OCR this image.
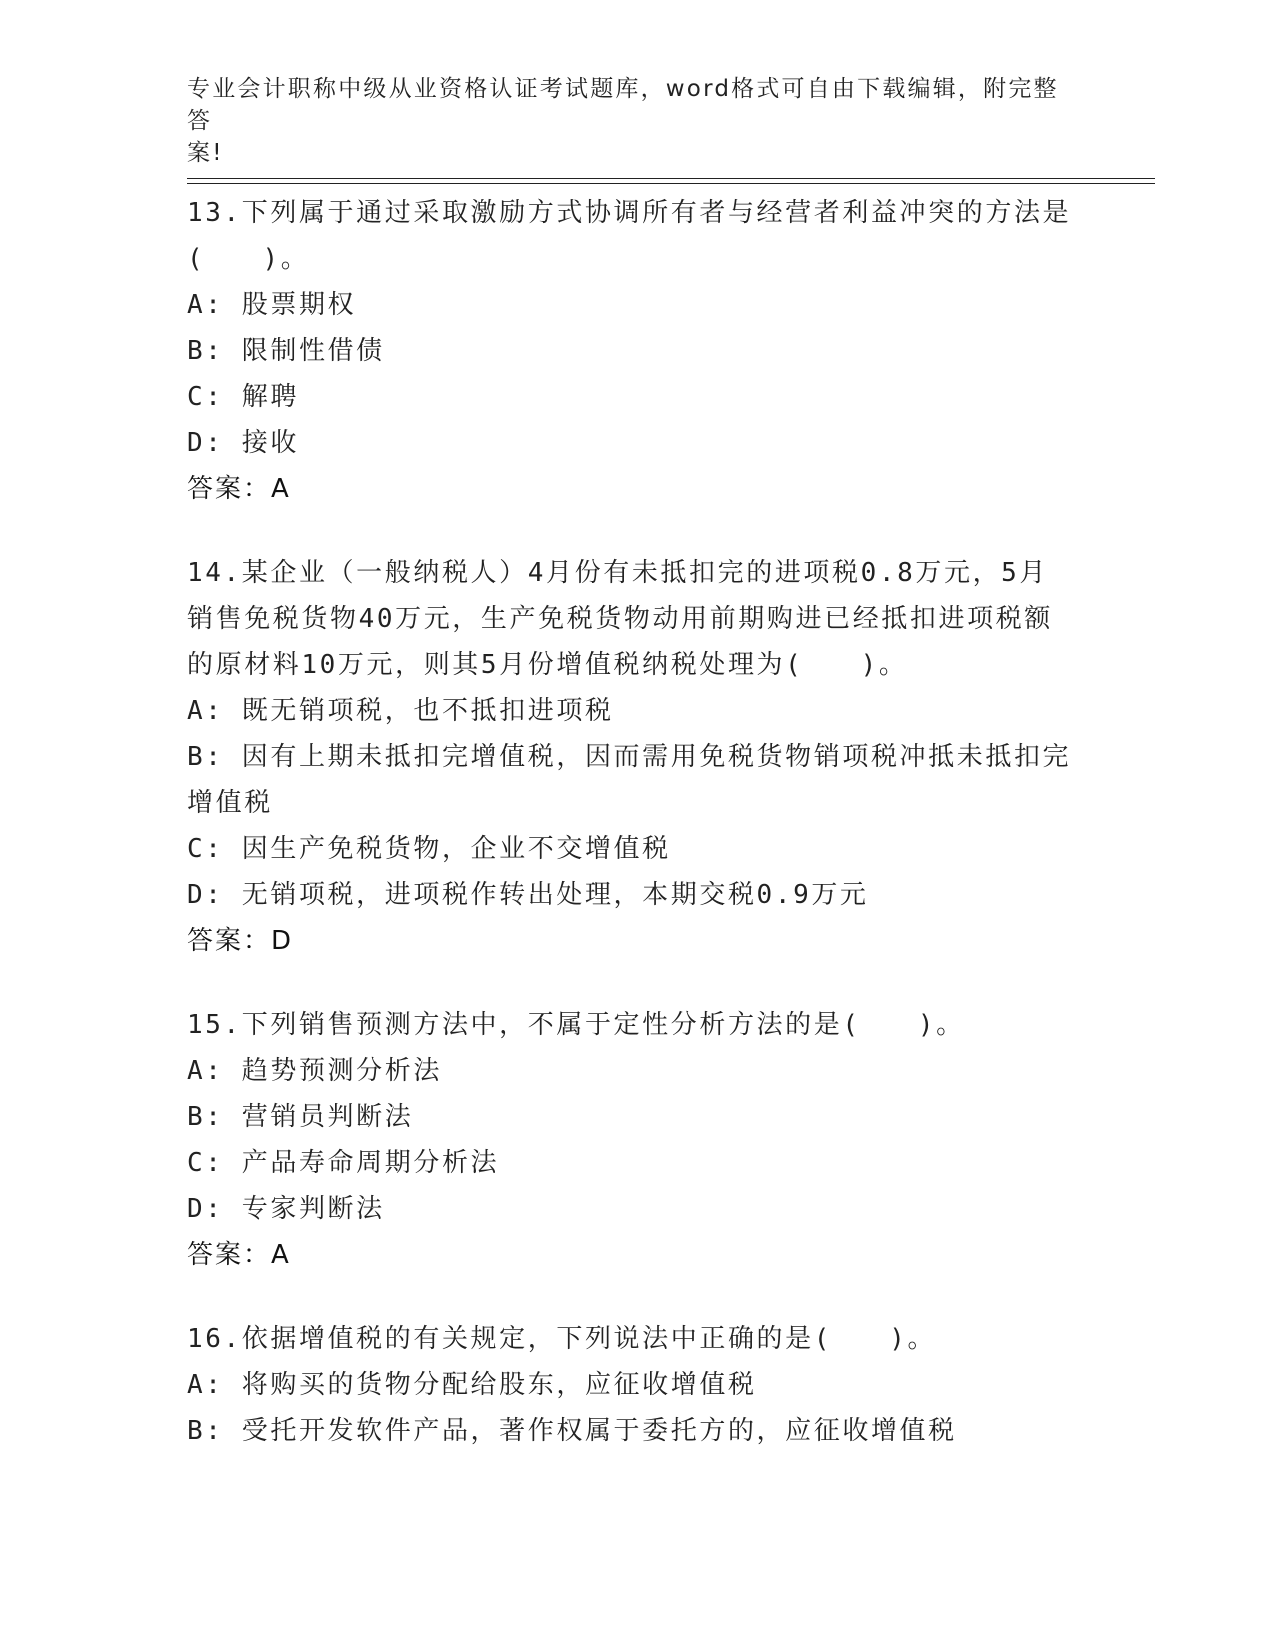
专业会计职称中级从业资格认证考试题库，word格式可自由下载编辑，附完整答
案!
13.下列属于通过采取激励方式协调所有者与经营者利益冲突的方法是
(　　)。
A: 股票期权
B: 限制性借债
C: 解聘
D: 接收
答案：A
14.某企业（一般纳税人）4月份有未抵扣完的进项税0.8万元，5月
销售免税货物40万元，生产免税货物动用前期购进已经抵扣进项税额
的原材料10万元，则其5月份增值税纳税处理为(　　)。
A: 既无销项税，也不抵扣进项税
B: 因有上期未抵扣完增值税，因而需用免税货物销项税冲抵未抵扣完
增值税
C: 因生产免税货物，企业不交增值税
D: 无销项税，进项税作转出处理，本期交税0.9万元
答案：D
15.下列销售预测方法中，不属于定性分析方法的是(　　)。
A: 趋势预测分析法
B: 营销员判断法
C: 产品寿命周期分析法
D: 专家判断法
答案：A
16.依据增值税的有关规定，下列说法中正确的是(　　)。
A: 将购买的货物分配给股东，应征收增值税
B: 受托开发软件产品，著作权属于委托方的，应征收增值税
